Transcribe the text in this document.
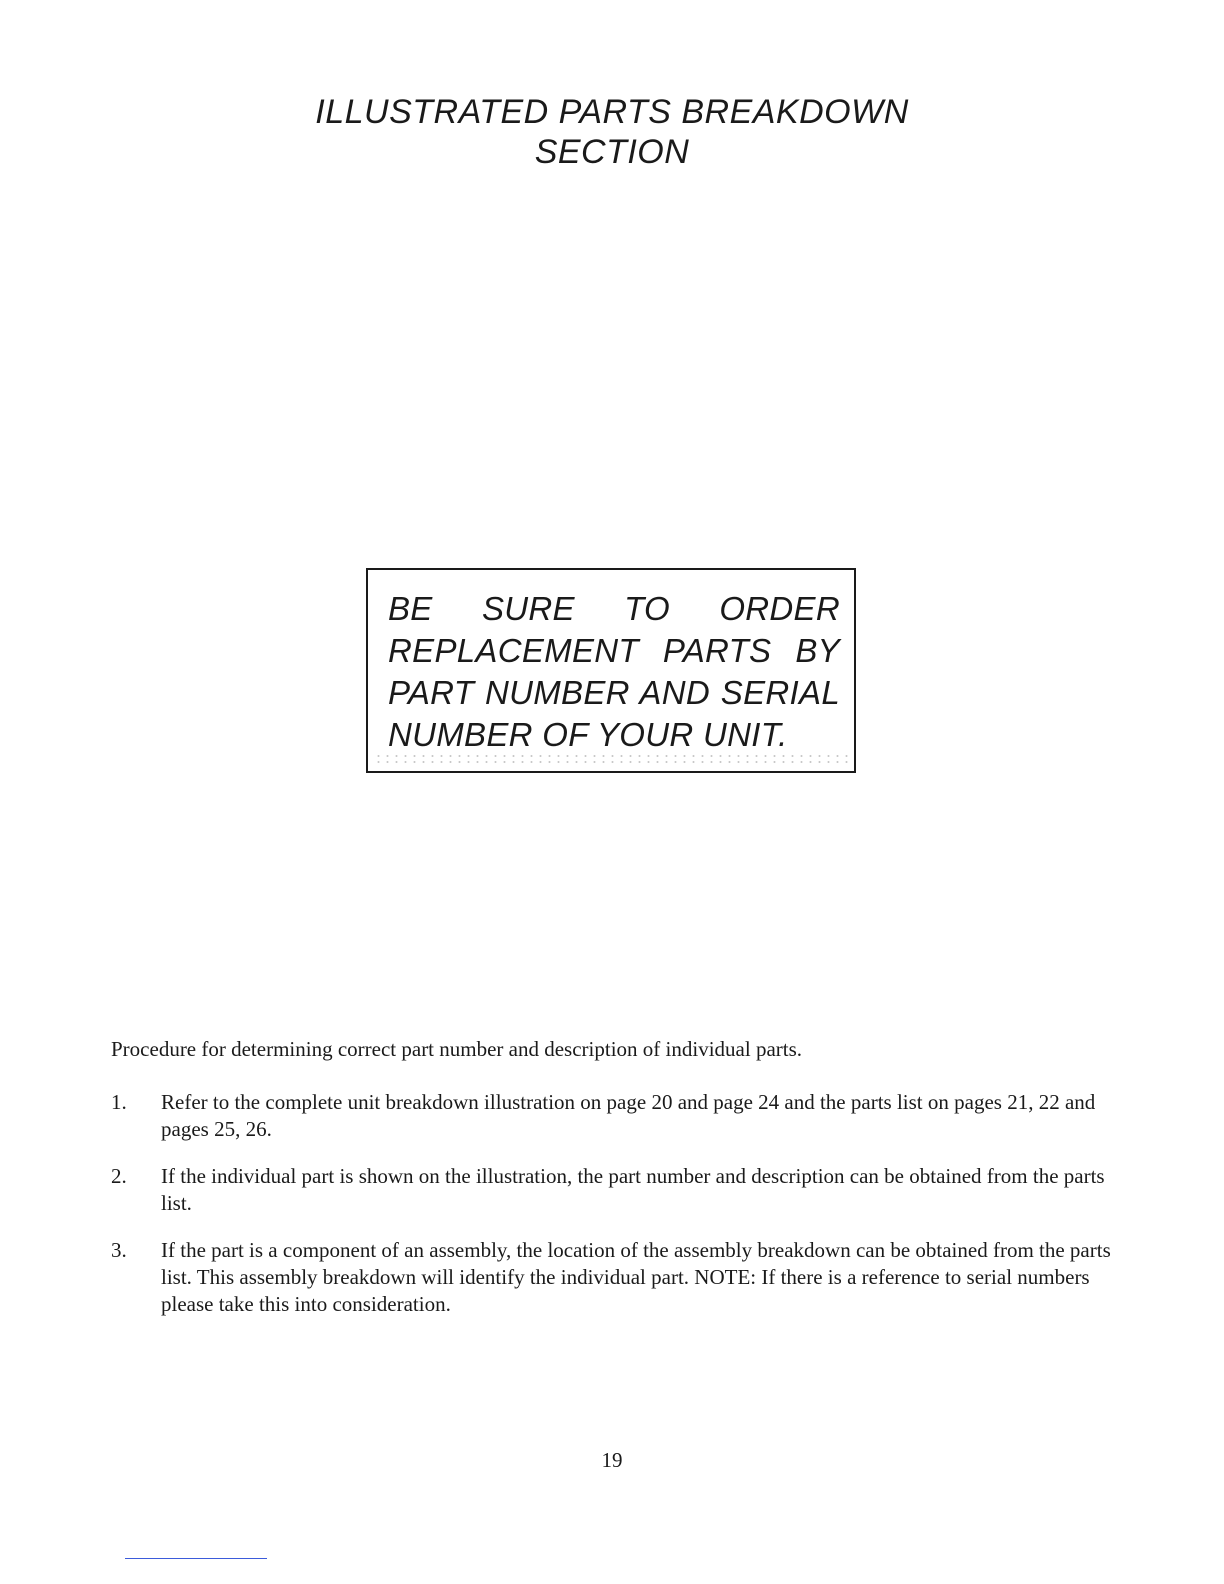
ILLUSTRATED PARTS BREAKDOWN
SECTION
BE SURE TO ORDER
REPLACEMENT PARTS BY
PART NUMBER AND SERIAL
NUMBER OF YOUR UNIT.

Procedure for determining correct part number and description of individual parts.

1. Refer to the complete unit breakdown illustration on page 20 and page 24 and the parts list on pages 21, 22 and pages 25, 26.
2. If the individual part is shown on the illustration, the part number and description can be obtained from the parts list.
3. If the part is a component of an assembly, the location of the assembly breakdown can be obtained from the parts list. This assembly breakdown will identify the individual part. NOTE: If there is a reference to serial numbers please take this into consideration.
19
